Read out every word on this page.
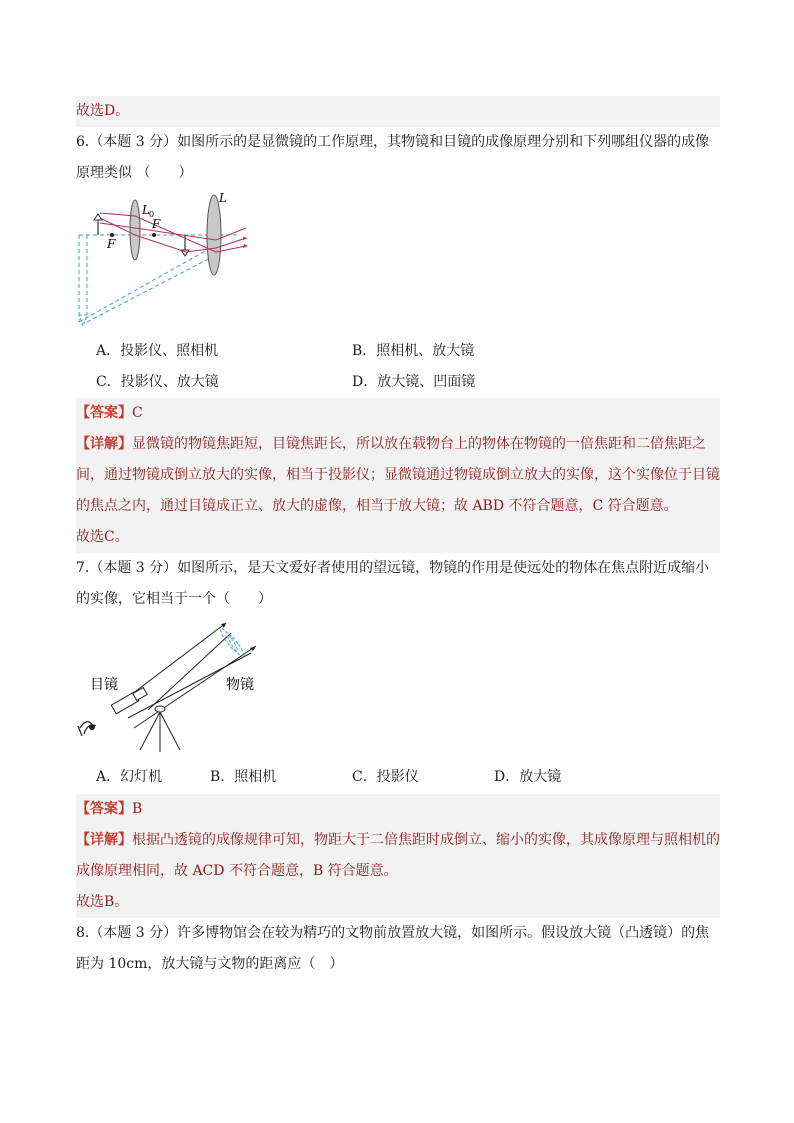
故选D。
6.（本题 3 分）如图所示的是显微镜的工作原理，其物镜和目镜的成像原理分别和下列哪组仪器的成像原理类似 （　　）
F
F
L 0
L
A．投影仪、照相机	B．照相机、放大镜
C．投影仪、放大镜	D．放大镜、凹面镜
【答案】C
【详解】显微镜的物镜焦距短，目镜焦距长，所以放在载物台上的物体在物镜的一倍焦距和二倍焦距之间，通过物镜成倒立放大的实像，相当于投影仪；显微镜通过物镜成倒立放大的实像，这个实像位于目镜的焦点之内，通过目镜成正立、放大的虚像，相当于放大镜；故 ABD 不符合题意，C 符合题意。
故选C。
7.（本题 3 分）如图所示，是天文爱好者使用的望远镜，物镜的作用是使远处的物体在焦点附近成缩小的实像，它相当于一个（　　）
目镜	物镜
A．幻灯机	B．照相机	C．投影仪	D．放大镜
【答案】B
【详解】根据凸透镜的成像规律可知，物距大于二倍焦距时成倒立、缩小的实像，其成像原理与照相机的成像原理相同，故 ACD 不符合题意，B 符合题意。
故选B。
8.（本题 3 分）许多博物馆会在较为精巧的文物前放置放大镜，如图所示。假设放大镜（凸透镜）的焦距为 10cm，放大镜与文物的距离应（　）
